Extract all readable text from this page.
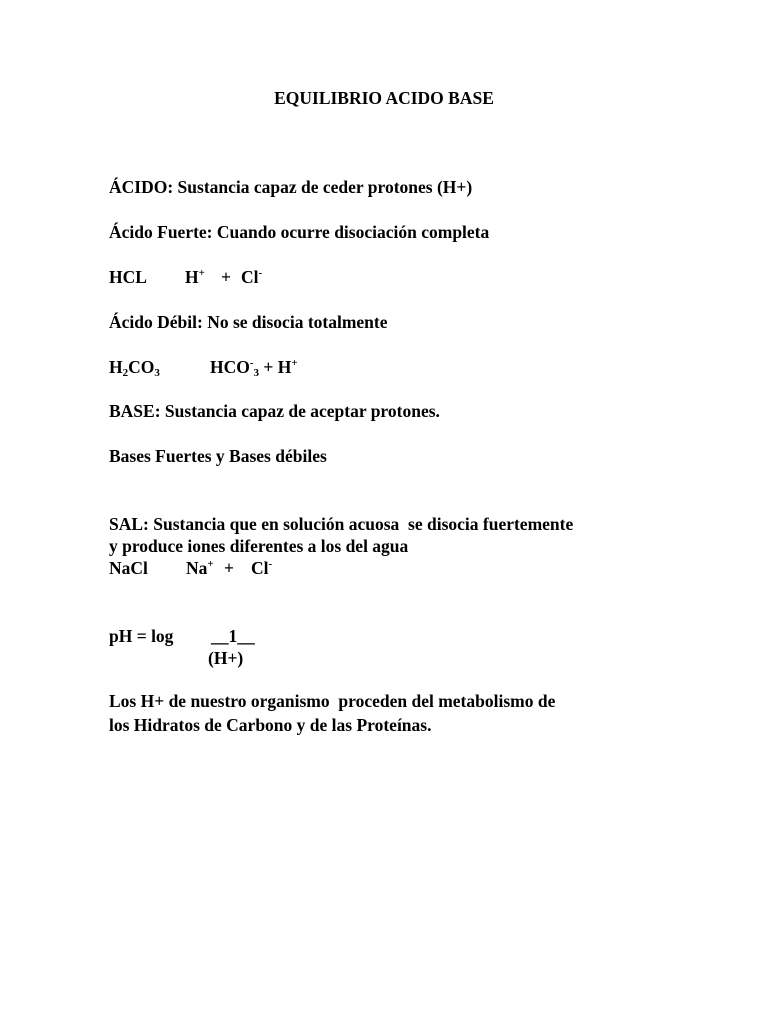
EQUILIBRIO ACIDO BASE
ÁCIDO: Sustancia capaz de ceder protones (H+)
Ácido Fuerte: Cuando ocurre disociación completa
HCL H+ + Cl-
Ácido Débil: No se disocia totalmente
$H_2CO_3$	$HCO^-_3 + H^+$
BASE: Sustancia capaz de aceptar protones.
Bases Fuertes y Bases débiles
SAL: Sustancia que en solución acuosa  se disocia fuertemente
y produce iones diferentes a los del agua
NaCl Na+ + Cl-
pH = log __1__
(H+)
Los H+ de nuestro organismo  proceden del metabolismo de
los Hidratos de Carbono y de las Proteínas.
